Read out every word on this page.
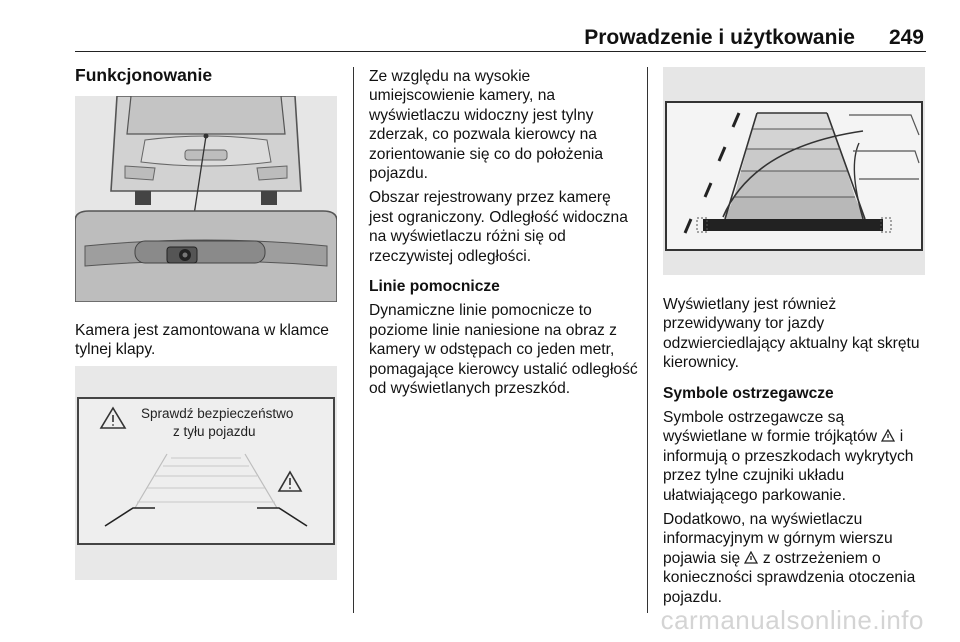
Prowadzenie i użytkowanie 249
Funkcjonowanie

Kamera jest zamontowana w klamce tylnej klapy.

Sprawdź bezpieczeństwo
z tyłu pojazdu

Ze względu na wysokie umiejscowienie kamery, na wyświetlaczu widoczny jest tylny zderzak, co pozwala kierowcy na zorientowanie się co do położenia pojazdu.

Obszar rejestrowany przez kamerę jest ograniczony. Odległość widoczna na wyświetlaczu różni się od rzeczywistej odległości.

Linie pomocnicze

Dynamiczne linie pomocnicze to poziome linie naniesione na obraz z kamery w odstępach co jeden metr, pomagające kierowcy ustalić odległość od wyświetlanych przeszkód.

Wyświetlany jest również przewidywany tor jazdy odzwierciedlający aktualny kąt skrętu kierownicy.

Symbole ostrzegawcze

Symbole ostrzegawcze są wyświetlane w formie trójkątów  i informują o przeszkodach wykrytych przez tylne czujniki układu ułatwiającego parkowanie.

Dodatkowo, na wyświetlaczu informacyjnym w górnym wierszu pojawia się  z ostrzeżeniem o konieczności sprawdzenia otoczenia pojazdu.

carmanualsonline.info
